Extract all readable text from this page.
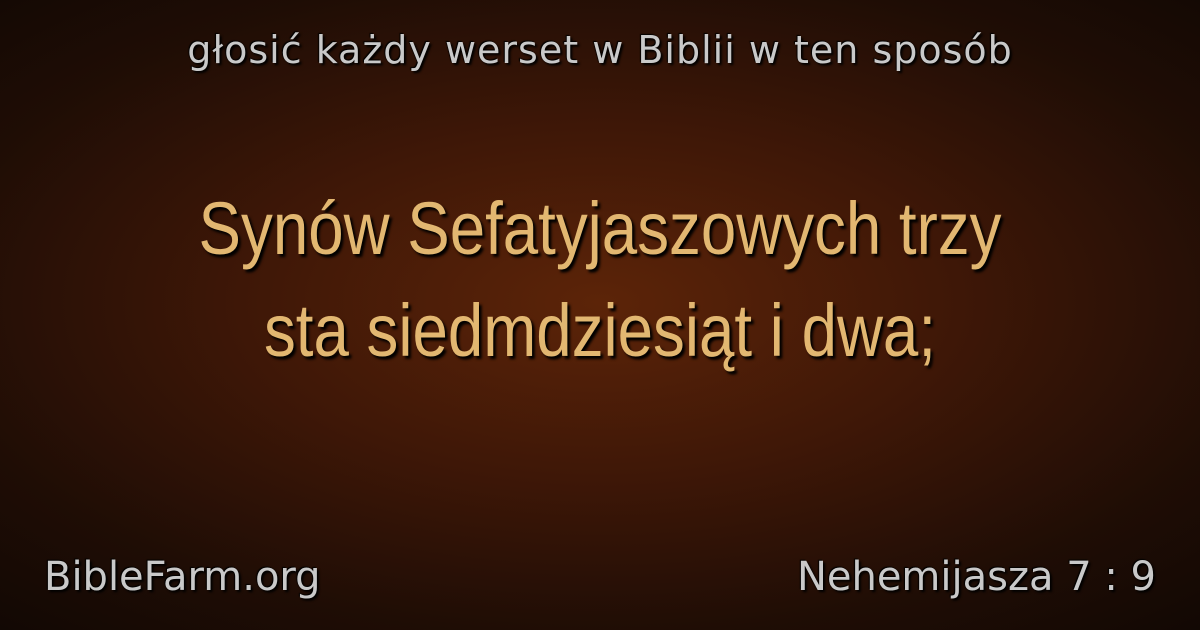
głosić każdy werset w Biblii w ten sposób
Synów Sefatyjaszowych trzy
sta siedmdziesiąt i dwa;
BibleFarm.org	Nehemijasza 7 : 9
